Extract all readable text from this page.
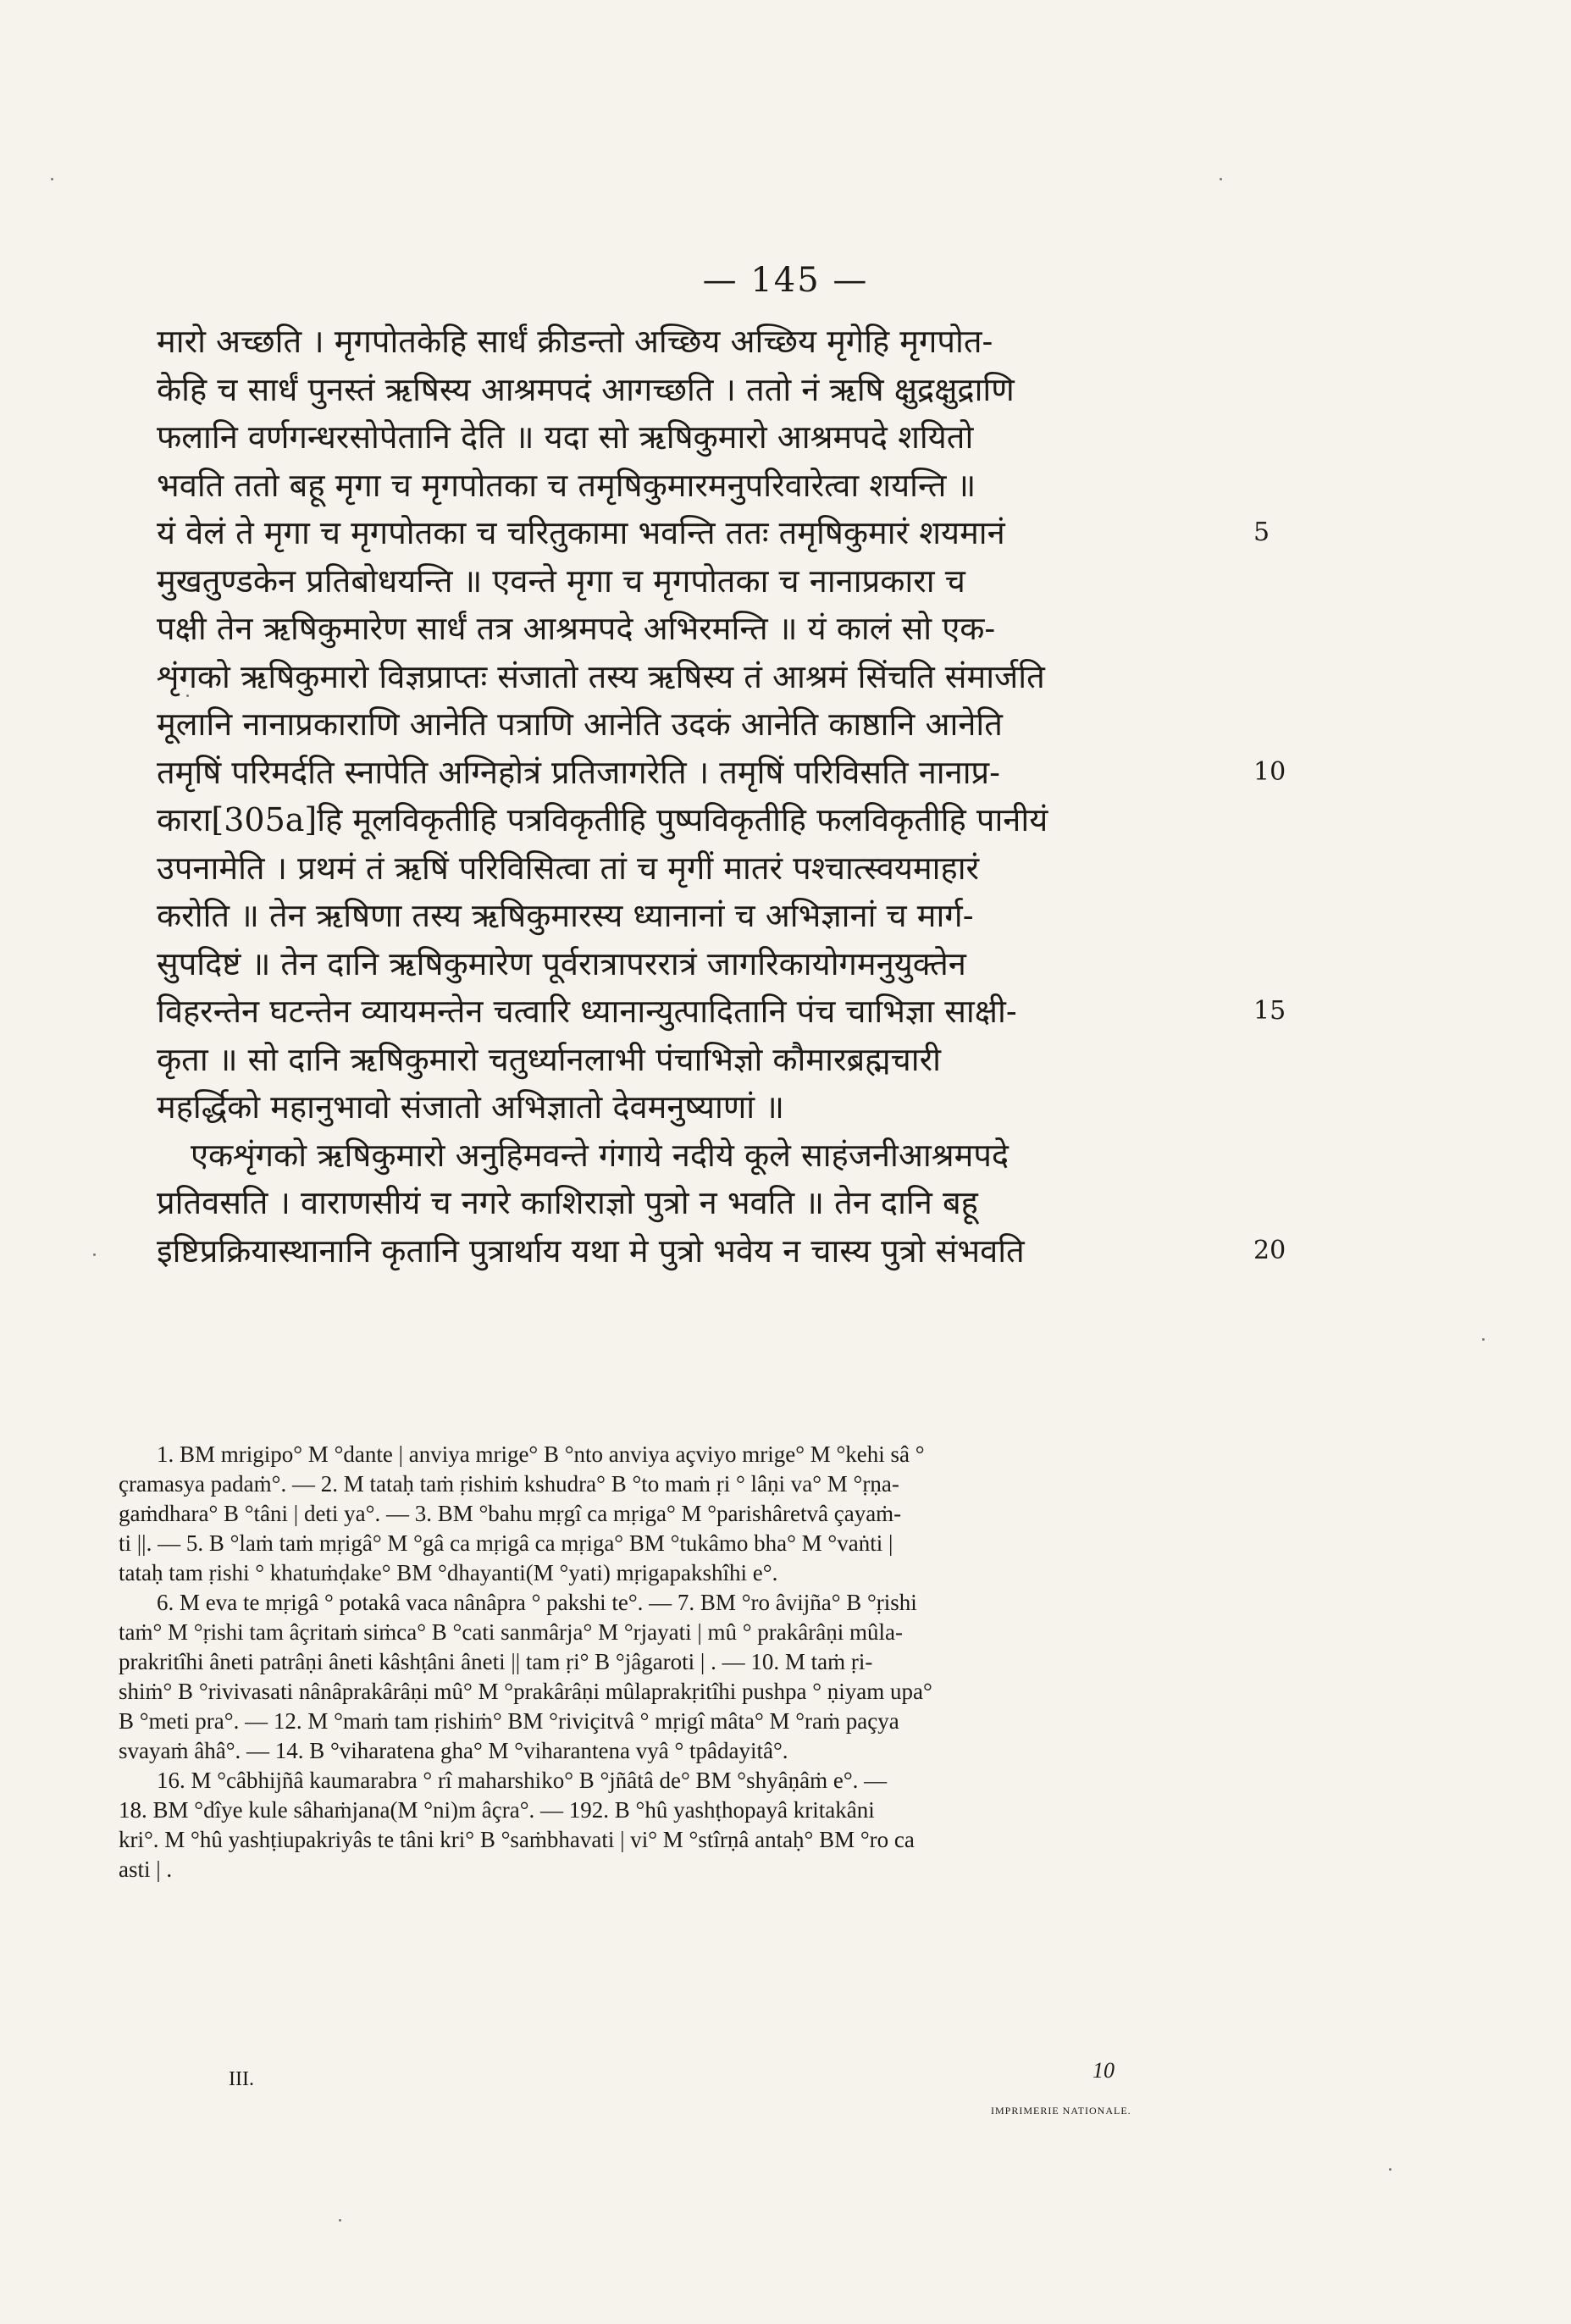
— 145 —
मारो अच्छति । मृगपोतकेहि सार्धं क्रीडन्तो अच्छिय अच्छिय मृगेहि मृगपोत-
केहि च सार्धं पुनस्तं ऋषिस्य आश्रमपदं आगच्छति । ततो नं ऋषि क्षुद्रक्षुद्राणि
फलानि वर्णगन्धरसोपेतानि देति ॥ यदा सो ऋषिकुमारो आश्रमपदे शयितो
भवति ततो बहू मृगा च मृगपोतका च तमृषिकुमारमनुपरिवारेत्वा शयन्ति ॥
यं वेलं ते मृगा च मृगपोतका च चरितुकामा भवन्ति ततः तमृषिकुमारं शयमानं	5
मुखतुण्डकेन प्रतिबोधयन्ति ॥ एवन्ते मृगा च मृगपोतका च नानाप्रकारा च
पक्षी तेन ऋषिकुमारेण सार्धं तत्र आश्रमपदे अभिरमन्ति ॥ यं कालं सो एक-
शृंगको ऋषिकुमारो विज्ञप्राप्तः संजातो तस्य ऋषिस्य तं आश्रमं सिंचति संमार्जति
मूलानि नानाप्रकाराणि आनेति पत्राणि आनेति उदकं आनेति काष्ठानि आनेति
तमृषिं परिमर्दति स्नापेति अग्निहोत्रं प्रतिजागरेति । तमृषिं परिविसति नानाप्र-	10
कारा[305a]हि मूलविकृतीहि पत्रविकृतीहि पुष्पविकृतीहि फलविकृतीहि पानीयं
उपनामेति । प्रथमं तं ऋषिं परिविसित्वा तां च मृगीं मातरं पश्चात्स्वयमाहारं
करोति ॥ तेन ऋषिणा तस्य ऋषिकुमारस्य ध्यानानां च अभिज्ञानां च मार्ग-
सुपदिष्टं ॥ तेन दानि ऋषिकुमारेण पूर्वरात्रापररात्रं जागरिकायोगमनुयुक्तेन
विहरन्तेन घटन्तेन व्यायमन्तेन चत्वारि ध्यानान्युत्पादितानि पंच चाभिज्ञा साक्षी-	15
कृता ॥ सो दानि ऋषिकुमारो चतुर्ध्यानलाभी पंचाभिज्ञो कौमारब्रह्मचारी
महर्द्धिको महानुभावो संजातो अभिज्ञातो देवमनुष्याणां ॥
एकशृंगको ऋषिकुमारो अनुहिमवन्ते गंगाये नदीये कूले साहंजनीआश्रमपदे
प्रतिवसति । वाराणसीयं च नगरे काशिराज्ञो पुत्रो न भवति ॥ तेन दानि बहू
इष्टिप्रक्रियास्थानानि कृतानि पुत्रार्थाय यथा मे पुत्रो भवेय न चास्य पुत्रो संभवति	20
1. BM mrigipo° M °dante | anviya mrige° B °nto anviya açviyo mrige° M °kehi sâ °
çramasya padaṁ°. — 2. M tataḥ taṁ ṛishiṁ kshudra° B °to maṁ ṛi ° lâṇi va° M °ṛṇa-
gaṁdhara° B °tâni | deti ya°. — 3. BM °bahu mṛgî ca mṛiga° M °parishâretvâ çayaṁ-
ti ||. — 5. B °laṁ taṁ mṛigâ° M °gâ ca mṛigâ ca mṛiga° BM °tukâmo bha° M °vaṅti |
tataḥ tam ṛishi ° khatuṁḍake° BM °dhayanti(M °yati) mṛigapakshîhi e°.
6. M eva te mṛigâ ° potakâ vaca nânâpra ° pakshi te°. — 7. BM °ro âvijña° B °ṛishi
taṁ° M °ṛishi tam âçritaṁ siṁca° B °cati sanmârja° M °rjayati | mû ° prakârâṇi mûla-
prakritîhi âneti patrâṇi âneti kâshṭâni âneti || tam ṛi° B °jâgaroti | . — 10. M taṁ ṛi-
shiṁ° B °rivivasati nânâprakârâṇi mû° M °prakârâṇi mûlaprakṛitîhi pushpa ° ṇiyam upa°
B °meti pra°. — 12. M °maṁ tam ṛishiṁ° BM °riviçitvâ ° mṛigî mâta° M °raṁ paçya
svayaṁ âhâ°. — 14. B °viharatena gha° M °viharantena vyâ ° tpâdayitâ°.
16. M °câbhijñâ kaumarabra ° rî maharshiko° B °jñâtâ de° BM °shyâṇâṁ e°. —
18. BM °dîye kule sâhaṁjana(M °ni)m âçra°. — 192. B °hû yashṭhopayâ kritakâni
kri°. M °hû yashṭiupakriyâs te tâni kri° B °saṁbhavati | vi° M °stîrṇâ antaḥ° BM °ro ca
asti | .
III.	10
IMPRIMERIE NATIONALE.
